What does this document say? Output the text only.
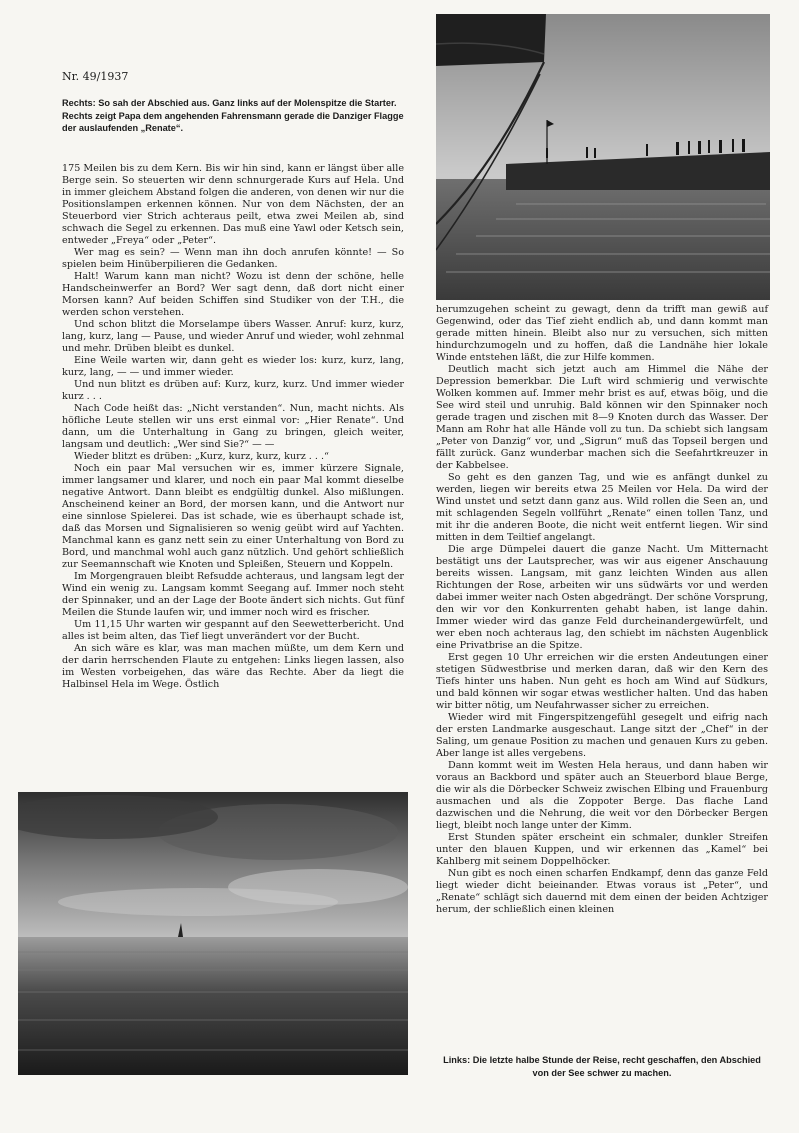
Nr. 49/1937
Rechts: So sah der Abschied aus. Ganz links auf der Molenspitze die Starter. Rechts zeigt Papa dem angehenden Fahrensmann gerade die Danziger Flagge der auslaufenden „Renate“.

175 Meilen bis zu dem Kern. Bis wir hin sind, kann er längst über alle Berge sein. So steuerten wir denn schnurgerade Kurs auf Hela. Und in immer gleichem Abstand folgen die anderen, von denen wir nur die Positionslampen erkennen können. Nur von dem Nächsten, der an Steuerbord vier Strich achteraus peilt, etwa zwei Meilen ab, sind schwach die Segel zu erkennen. Das muß eine Yawl oder Ketsch sein, entweder „Freya“ oder „Peter“.

Wer mag es sein? — Wenn man ihn doch anrufen könnte! — So spielen beim Hinüberpilieren die Gedanken.

Halt! Warum kann man nicht? Wozu ist denn der schöne, helle Handscheinwerfer an Bord? Wer sagt denn, daß dort nicht einer Morsen kann? Auf beiden Schiffen sind Studiker von der T.H., die werden schon verstehen.

Und schon blitzt die Morselampe übers Wasser. Anruf: kurz, kurz, lang, kurz, lang — Pause, und wieder Anruf und wieder, wohl zehnmal und mehr. Drüben bleibt es dunkel.

Eine Weile warten wir, dann geht es wieder los: kurz, kurz, lang, kurz, lang, — — und immer wieder.

Und nun blitzt es drüben auf: Kurz, kurz, kurz. Und immer wieder kurz . . .

Nach Code heißt das: „Nicht verstanden“. Nun, macht nichts. Als höfliche Leute stellen wir uns erst einmal vor: „Hier Renate“. Und dann, um die Unterhaltung in Gang zu bringen, gleich weiter, langsam und deutlich: „Wer sind Sie?“ — —

Wieder blitzt es drüben: „Kurz, kurz, kurz, kurz . . .“

Noch ein paar Mal versuchen wir es, immer kürzere Signale, immer langsamer und klarer, und noch ein paar Mal kommt dieselbe negative Antwort. Dann bleibt es endgültig dunkel. Also mißlungen. Anscheinend keiner an Bord, der morsen kann, und die Antwort nur eine sinnlose Spielerei. Das ist schade, wie es überhaupt schade ist, daß das Morsen und Signalisieren so wenig geübt wird auf Yachten. Manchmal kann es ganz nett sein zu einer Unterhaltung von Bord zu Bord, und manchmal wohl auch ganz nützlich. Und gehört schließlich zur Seemannschaft wie Knoten und Spleißen, Steuern und Koppeln.

Im Morgengrauen bleibt Refsudde achteraus, und langsam legt der Wind ein wenig zu. Langsam kommt Seegang auf. Immer noch steht der Spinnaker, und an der Lage der Boote ändert sich nichts. Gut fünf Meilen die Stunde laufen wir, und immer noch wird es frischer.

Um 11,15 Uhr warten wir gespannt auf den Seewetterbericht. Und alles ist beim alten, das Tief liegt unverändert vor der Bucht.

An sich wäre es klar, was man machen müßte, um dem Kern und der darin herrschenden Flaute zu entgehen: Links liegen lassen, also im Westen vorbeigehen, das wäre das Rechte. Aber da liegt die Halbinsel Hela im Wege. Östlich

herumzugehen scheint zu gewagt, denn da trifft man gewiß auf Gegenwind, oder das Tief zieht endlich ab, und dann kommt man gerade mitten hinein. Bleibt also nur zu versuchen, sich mitten hindurchzumogeln und zu hoffen, daß die Landnähe hier lokale Winde entstehen läßt, die zur Hilfe kommen.

Deutlich macht sich jetzt auch am Himmel die Nähe der Depression bemerkbar. Die Luft wird schmierig und verwischte Wolken kommen auf. Immer mehr brist es auf, etwas böig, und die See wird steil und unruhig. Bald können wir den Spinnaker noch gerade tragen und zischen mit 8—9 Knoten durch das Wasser. Der Mann am Rohr hat alle Hände voll zu tun. Da schiebt sich langsam „Peter von Danzig“ vor, und „Sigrun“ muß das Topseil bergen und fällt zurück. Ganz wunderbar machen sich die Seefahrtkreuzer in der Kabbelsee.

So geht es den ganzen Tag, und wie es anfängt dunkel zu werden, liegen wir bereits etwa 25 Meilen vor Hela. Da wird der Wind unstet und setzt dann ganz aus. Wild rollen die Seen an, und mit schlagenden Segeln vollführt „Renate“ einen tollen Tanz, und mit ihr die anderen Boote, die nicht weit entfernt liegen. Wir sind mitten in dem Teiltief angelangt.

Die arge Dümpelei dauert die ganze Nacht. Um Mitternacht bestätigt uns der Lautsprecher, was wir aus eigener Anschauung bereits wissen. Langsam, mit ganz leichten Winden aus allen Richtungen der Rose, arbeiten wir uns südwärts vor und werden dabei immer weiter nach Osten abgedrängt. Der schöne Vorsprung, den wir vor den Konkurrenten gehabt haben, ist lange dahin. Immer wieder wird das ganze Feld durcheinandergewürfelt, und wer eben noch achteraus lag, den schiebt im nächsten Augenblick eine Privatbrise an die Spitze.

Erst gegen 10 Uhr erreichen wir die ersten Andeutungen einer stetigen Südwestbrise und merken daran, daß wir den Kern des Tiefs hinter uns haben. Nun geht es hoch am Wind auf Südkurs, und bald können wir sogar etwas westlicher halten. Und das haben wir bitter nötig, um Neufahrwasser sicher zu erreichen.

Wieder wird mit Fingerspitzengefühl gesegelt und eifrig nach der ersten Landmarke ausgeschaut. Lange sitzt der „Chef“ in der Saling, um genaue Position zu machen und genauen Kurs zu geben. Aber lange ist alles vergebens.

Dann kommt weit im Westen Hela heraus, und dann haben wir voraus an Backbord und später auch an Steuerbord blaue Berge, die wir als die Dörbecker Schweiz zwischen Elbing und Frauenburg ausmachen und als die Zoppoter Berge. Das flache Land dazwischen und die Nehrung, die weit vor den Dörbecker Bergen liegt, bleibt noch lange unter der Kimm.

Erst Stunden später erscheint ein schmaler, dunkler Streifen unter den blauen Kuppen, und wir erkennen das „Kamel“ bei Kahlberg mit seinem Doppelhöcker.

Nun gibt es noch einen scharfen Endkampf, denn das ganze Feld liegt wieder dicht beieinander. Etwas voraus ist „Peter“, und „Renate“ schlägt sich dauernd mit dem einen der beiden Achtziger herum, der schließlich einen kleinen

Links: Die letzte halbe Stunde der Reise, recht geschaffen, den Abschied von der See schwer zu machen.
